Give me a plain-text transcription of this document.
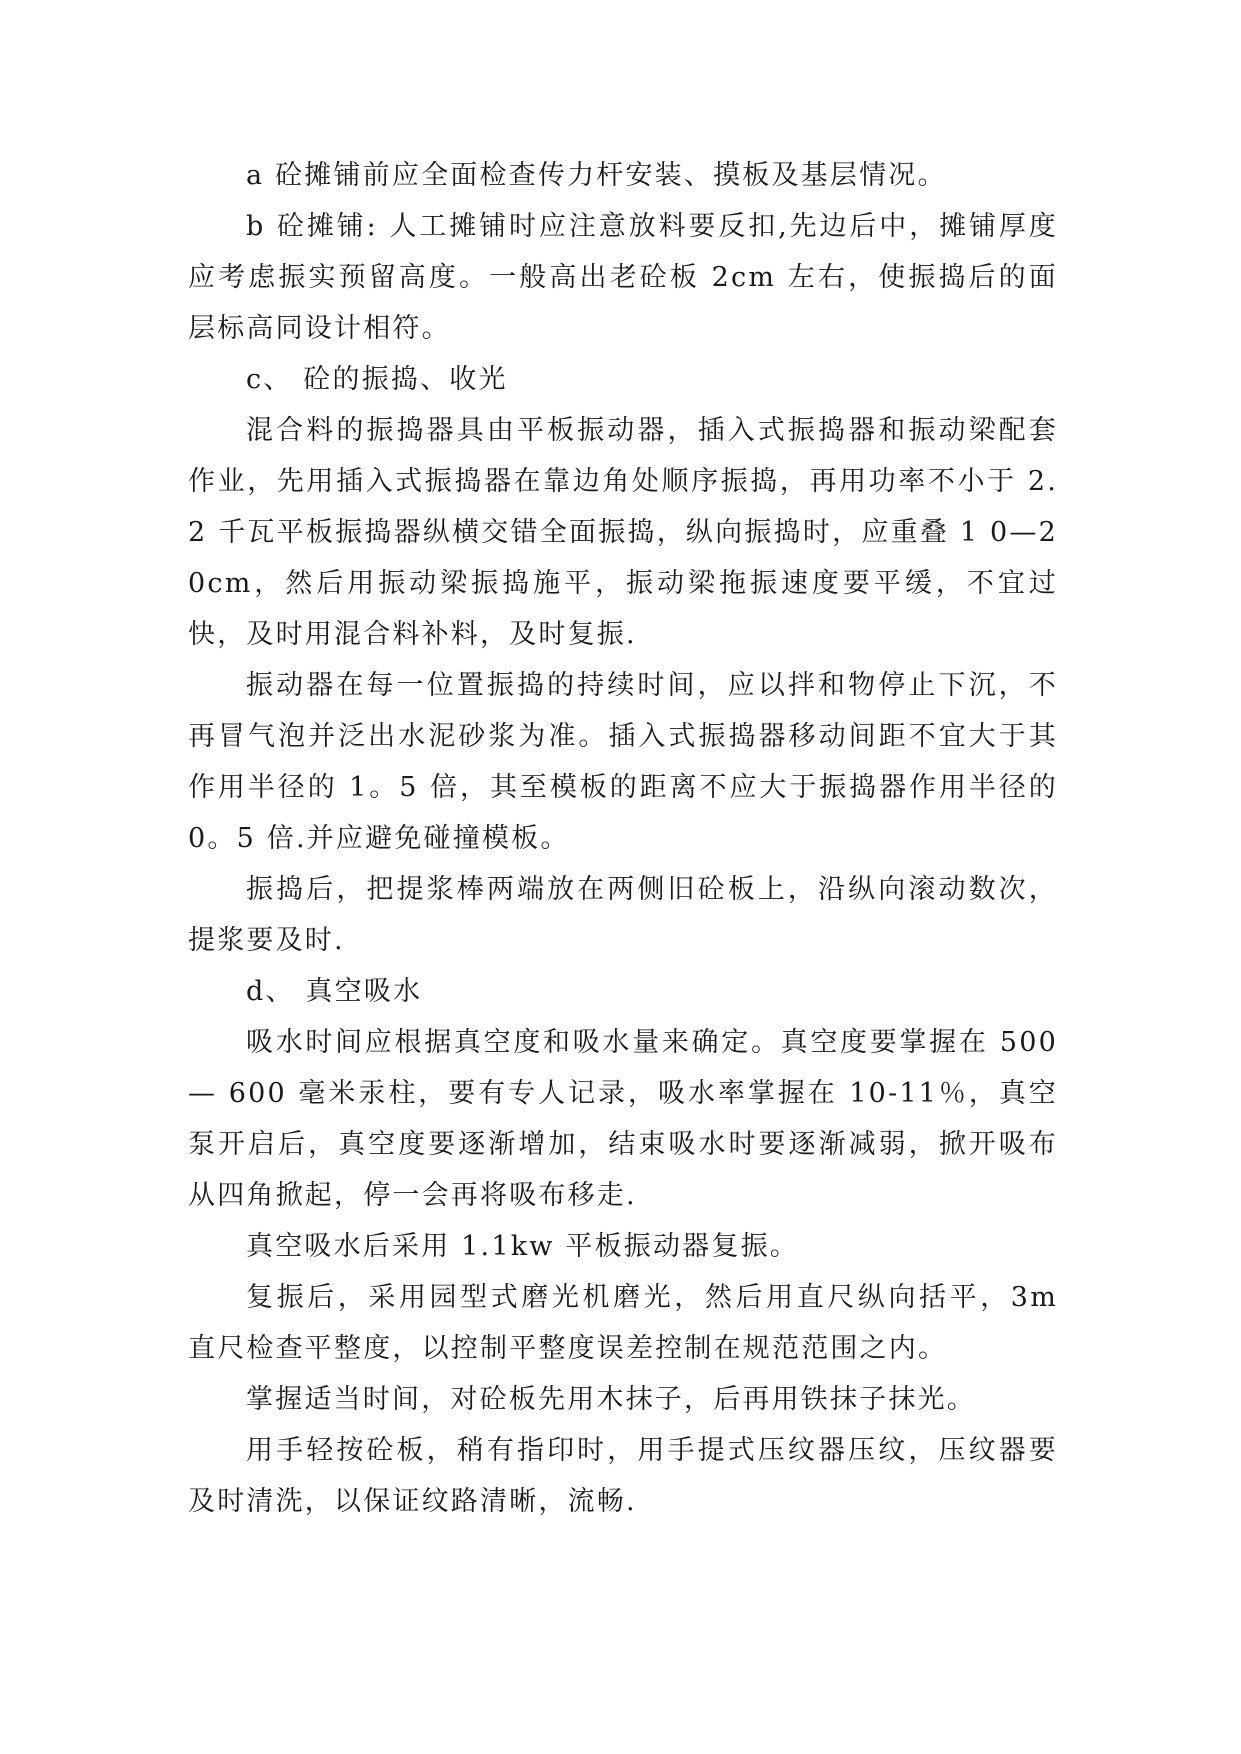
a 砼摊铺前应全面检查传力杆安装、摸板及基层情况。

b 砼摊铺: 人工摊铺时应注意放料要反扣,先边后中，摊铺厚度应考虑振实预留高度。一般高出老砼板 2cm 左右，使振捣后的面层标高同设计相符。

c、 砼的振捣、收光

混合料的振捣器具由平板振动器，插入式振捣器和振动梁配套作业，先用插入式振捣器在靠边角处顺序振捣，再用功率不小于 2. 2 千瓦平板振捣器纵横交错全面振捣，纵向振捣时，应重叠 1 0—20cm，然后用振动梁振捣施平，振动梁拖振速度要平缓，不宜过快，及时用混合料补料，及时复振.

振动器在每一位置振捣的持续时间，应以拌和物停止下沉，不再冒气泡并泛出水泥砂浆为准。插入式振捣器移动间距不宜大于其作用半径的 1。5 倍，其至模板的距离不应大于振捣器作用半径的 0。5 倍.并应避免碰撞模板。

振捣后，把提浆棒两端放在两侧旧砼板上，沿纵向滚动数次，提浆要及时.

d、 真空吸水

吸水时间应根据真空度和吸水量来确定。真空度要掌握在 500— 600 毫米汞柱，要有专人记录，吸水率掌握在 10-11％，真空泵开启后，真空度要逐渐增加，结束吸水时要逐渐减弱，掀开吸布从四角掀起，停一会再将吸布移走.

真空吸水后采用 1.1kw 平板振动器复振。

复振后，采用园型式磨光机磨光，然后用直尺纵向括平，3m 直尺检查平整度，以控制平整度误差控制在规范范围之内。

掌握适当时间，对砼板先用木抹子，后再用铁抹子抹光。

用手轻按砼板，稍有指印时，用手提式压纹器压纹，压纹器要及时清洗，以保证纹路清晰，流畅.
